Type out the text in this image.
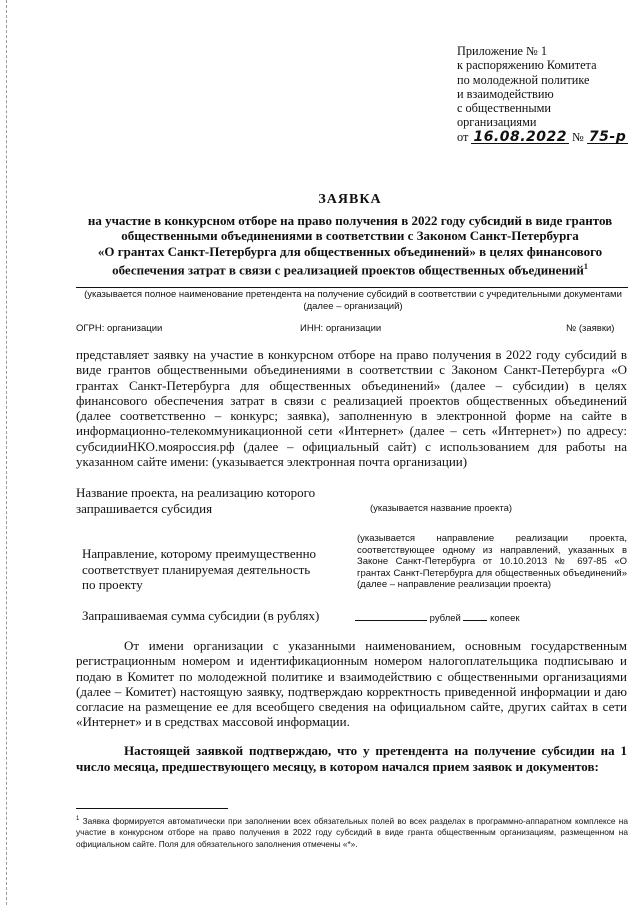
Приложение № 1
к распоряжению Комитета
по молодежной политике
и взаимодействию
с общественными
организациями
от 16.08.2022 № 75-р
ЗАЯВКА
на участие в конкурсном отборе на право получения в 2022 году субсидий в виде грантов
общественными объединениями в соответствии с Законом Санкт-Петербурга
«О грантах Санкт-Петербурга для общественных объединений» в целях финансового
обеспечения затрат в связи с реализацией проектов общественных объединений$^1$
(указывается полное наименование претендента на получение субсидий в соответствии с учредительными документами (далее – организаций)
ОГРН: организации	ИНН: организации	№ (заявки)
представляет заявку на участие в конкурсном отборе на право получения в 2022 году субсидий в виде грантов общественными объединениями в соответствии с Законом Санкт-Петербурга «О грантах Санкт-Петербурга для общественных объединений» (далее – субсидии) в целях финансового обеспечения затрат в связи с реализацией проектов общественных объединений (далее соответственно – конкурс; заявка), заполненную в электронной форме на сайте в информационно-телекоммуникационной сети «Интернет» (далее – сеть «Интернет») по адресу: субсидииНКО.мояроссия.рф (далее – официальный сайт) с использованием для работы на указанном сайте имени: (указывается электронная почта организации)
Название проекта, на реализацию которого запрашивается субсидия	(указывается название проекта)
Направление, которому преимущественно соответствует планируемая деятельность по проекту
(указывается направление реализации проекта, соответствующее одному из направлений, указанных в Законе Санкт-Петербурга от 10.10.2013 № 697-85 «О грантах Санкт-Петербурга для общественных объединений» (далее – направление реализации проекта)
Запрашиваемая сумма субсидии (в рублях)	рублей	копеек
От имени организации с указанными наименованием, основным государственным регистрационным номером и идентификационным номером налогоплательщика подписываю и подаю в Комитет по молодежной политике и взаимодействию с общественными организациями (далее – Комитет) настоящую заявку, подтверждаю корректность приведенной информации и даю согласие на размещение ее для всеобщего сведения на официальном сайте, других сайтах в сети «Интернет» и в средствах массовой информации.
Настоящей заявкой подтверждаю, что у претендента на получение субсидии на 1 число месяца, предшествующего месяцу, в котором начался прием заявок и документов:
$^1$ Заявка формируется автоматически при заполнении всех обязательных полей во всех разделах в программно-аппаратном комплексе на участие в конкурсном отборе на право получения в 2022 году субсидий в виде гранта общественным организациям, размещенном на официальном сайте. Поля для обязательного заполнения отмечены «*».
